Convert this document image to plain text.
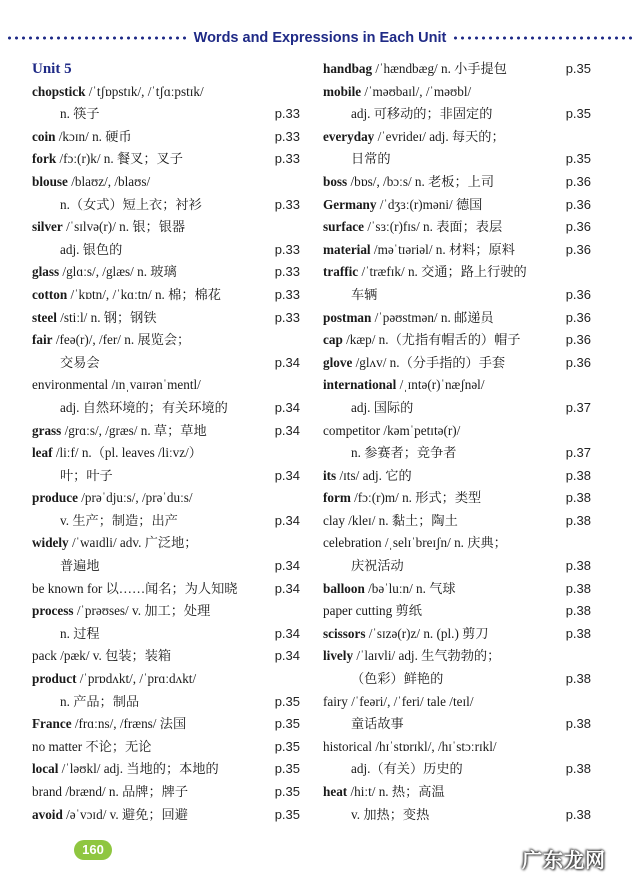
Words and Expressions in Each Unit
Unit 5
chopstick /ˈtʃɒpstɪk/, /ˈtʃɑːpstɪk/
n. 筷子	p.33
coin /kɔɪn/ n. 硬币	p.33
fork /fɔː(r)k/ n. 餐叉；叉子	p.33
blouse /blaʊz/, /blaʊs/
n.（女式）短上衣；衬衫	p.33
silver /ˈsɪlvə(r)/ n. 银；银器
adj. 银色的	p.33
glass /glɑːs/, /glæs/ n. 玻璃	p.33
cotton /ˈkɒtn/, /ˈkɑːtn/ n. 棉；棉花	p.33
steel /stiːl/ n. 钢；钢铁	p.33
fair /feə(r)/, /fer/ n. 展览会；
交易会	p.34
environmental /ɪnˌvaɪrənˈmentl/
adj. 自然环境的；有关环境的	p.34
grass /grɑːs/, /græs/ n. 草；草地	p.34
leaf /liːf/ n.（pl. leaves /liːvz/）
叶；叶子	p.34
produce /prəˈdjuːs/, /prəˈduːs/
v. 生产；制造；出产	p.34
widely /ˈwaɪdli/ adv. 广泛地；
普遍地	p.34
be known for 以……闻名；为人知晓	p.34
process /ˈprəʊses/ v. 加工；处理
n. 过程	p.34
pack /pæk/ v. 包装；装箱	p.34
product /ˈprɒdʌkt/, /ˈprɑːdʌkt/
n. 产品；制品	p.35
France /frɑːns/, /fræns/ 法国	p.35
no matter 不论；无论	p.35
local /ˈləʊkl/ adj. 当地的；本地的	p.35
brand /brænd/ n. 品牌；牌子	p.35
avoid /əˈvɔɪd/ v. 避免；回避	p.35
handbag /ˈhændbæg/ n. 小手提包	p.35
mobile /ˈməʊbaɪl/, /ˈməʊbl/
adj. 可移动的；非固定的	p.35
everyday /ˈevrideɪ/ adj. 每天的；
日常的	p.35
boss /bɒs/, /bɔːs/ n. 老板；上司	p.36
Germany /ˈdʒɜː(r)məni/ 德国	p.36
surface /ˈsɜː(r)fɪs/ n. 表面；表层	p.36
material /məˈtɪəriəl/ n. 材料；原料	p.36
traffic /ˈtræfɪk/ n. 交通；路上行驶的
车辆	p.36
postman /ˈpəʊstmən/ n. 邮递员	p.36
cap /kæp/ n.（尤指有帽舌的）帽子	p.36
glove /glʌv/ n.（分手指的）手套	p.36
international /ˌɪntə(r)ˈnæʃnəl/
adj. 国际的	p.37
competitor /kəmˈpetɪtə(r)/
n. 参赛者；竞争者	p.37
its /ɪts/ adj. 它的	p.38
form /fɔː(r)m/ n. 形式；类型	p.38
clay /kleɪ/ n. 黏土；陶土	p.38
celebration /ˌselɪˈbreɪʃn/ n. 庆典；
庆祝活动	p.38
balloon /bəˈluːn/ n. 气球	p.38
paper cutting 剪纸	p.38
scissors /ˈsɪzə(r)z/ n. (pl.) 剪刀	p.38
lively /ˈlaɪvli/ adj. 生气勃勃的；
（色彩）鲜艳的	p.38
fairy /ˈfeəri/, /ˈferi/ tale /teɪl/
童话故事	p.38
historical /hɪˈstɒrɪkl/, /hɪˈstɔːrɪkl/
adj.（有关）历史的	p.38
heat /hiːt/ n. 热；高温
v. 加热；变热	p.38
160	广东龙网
